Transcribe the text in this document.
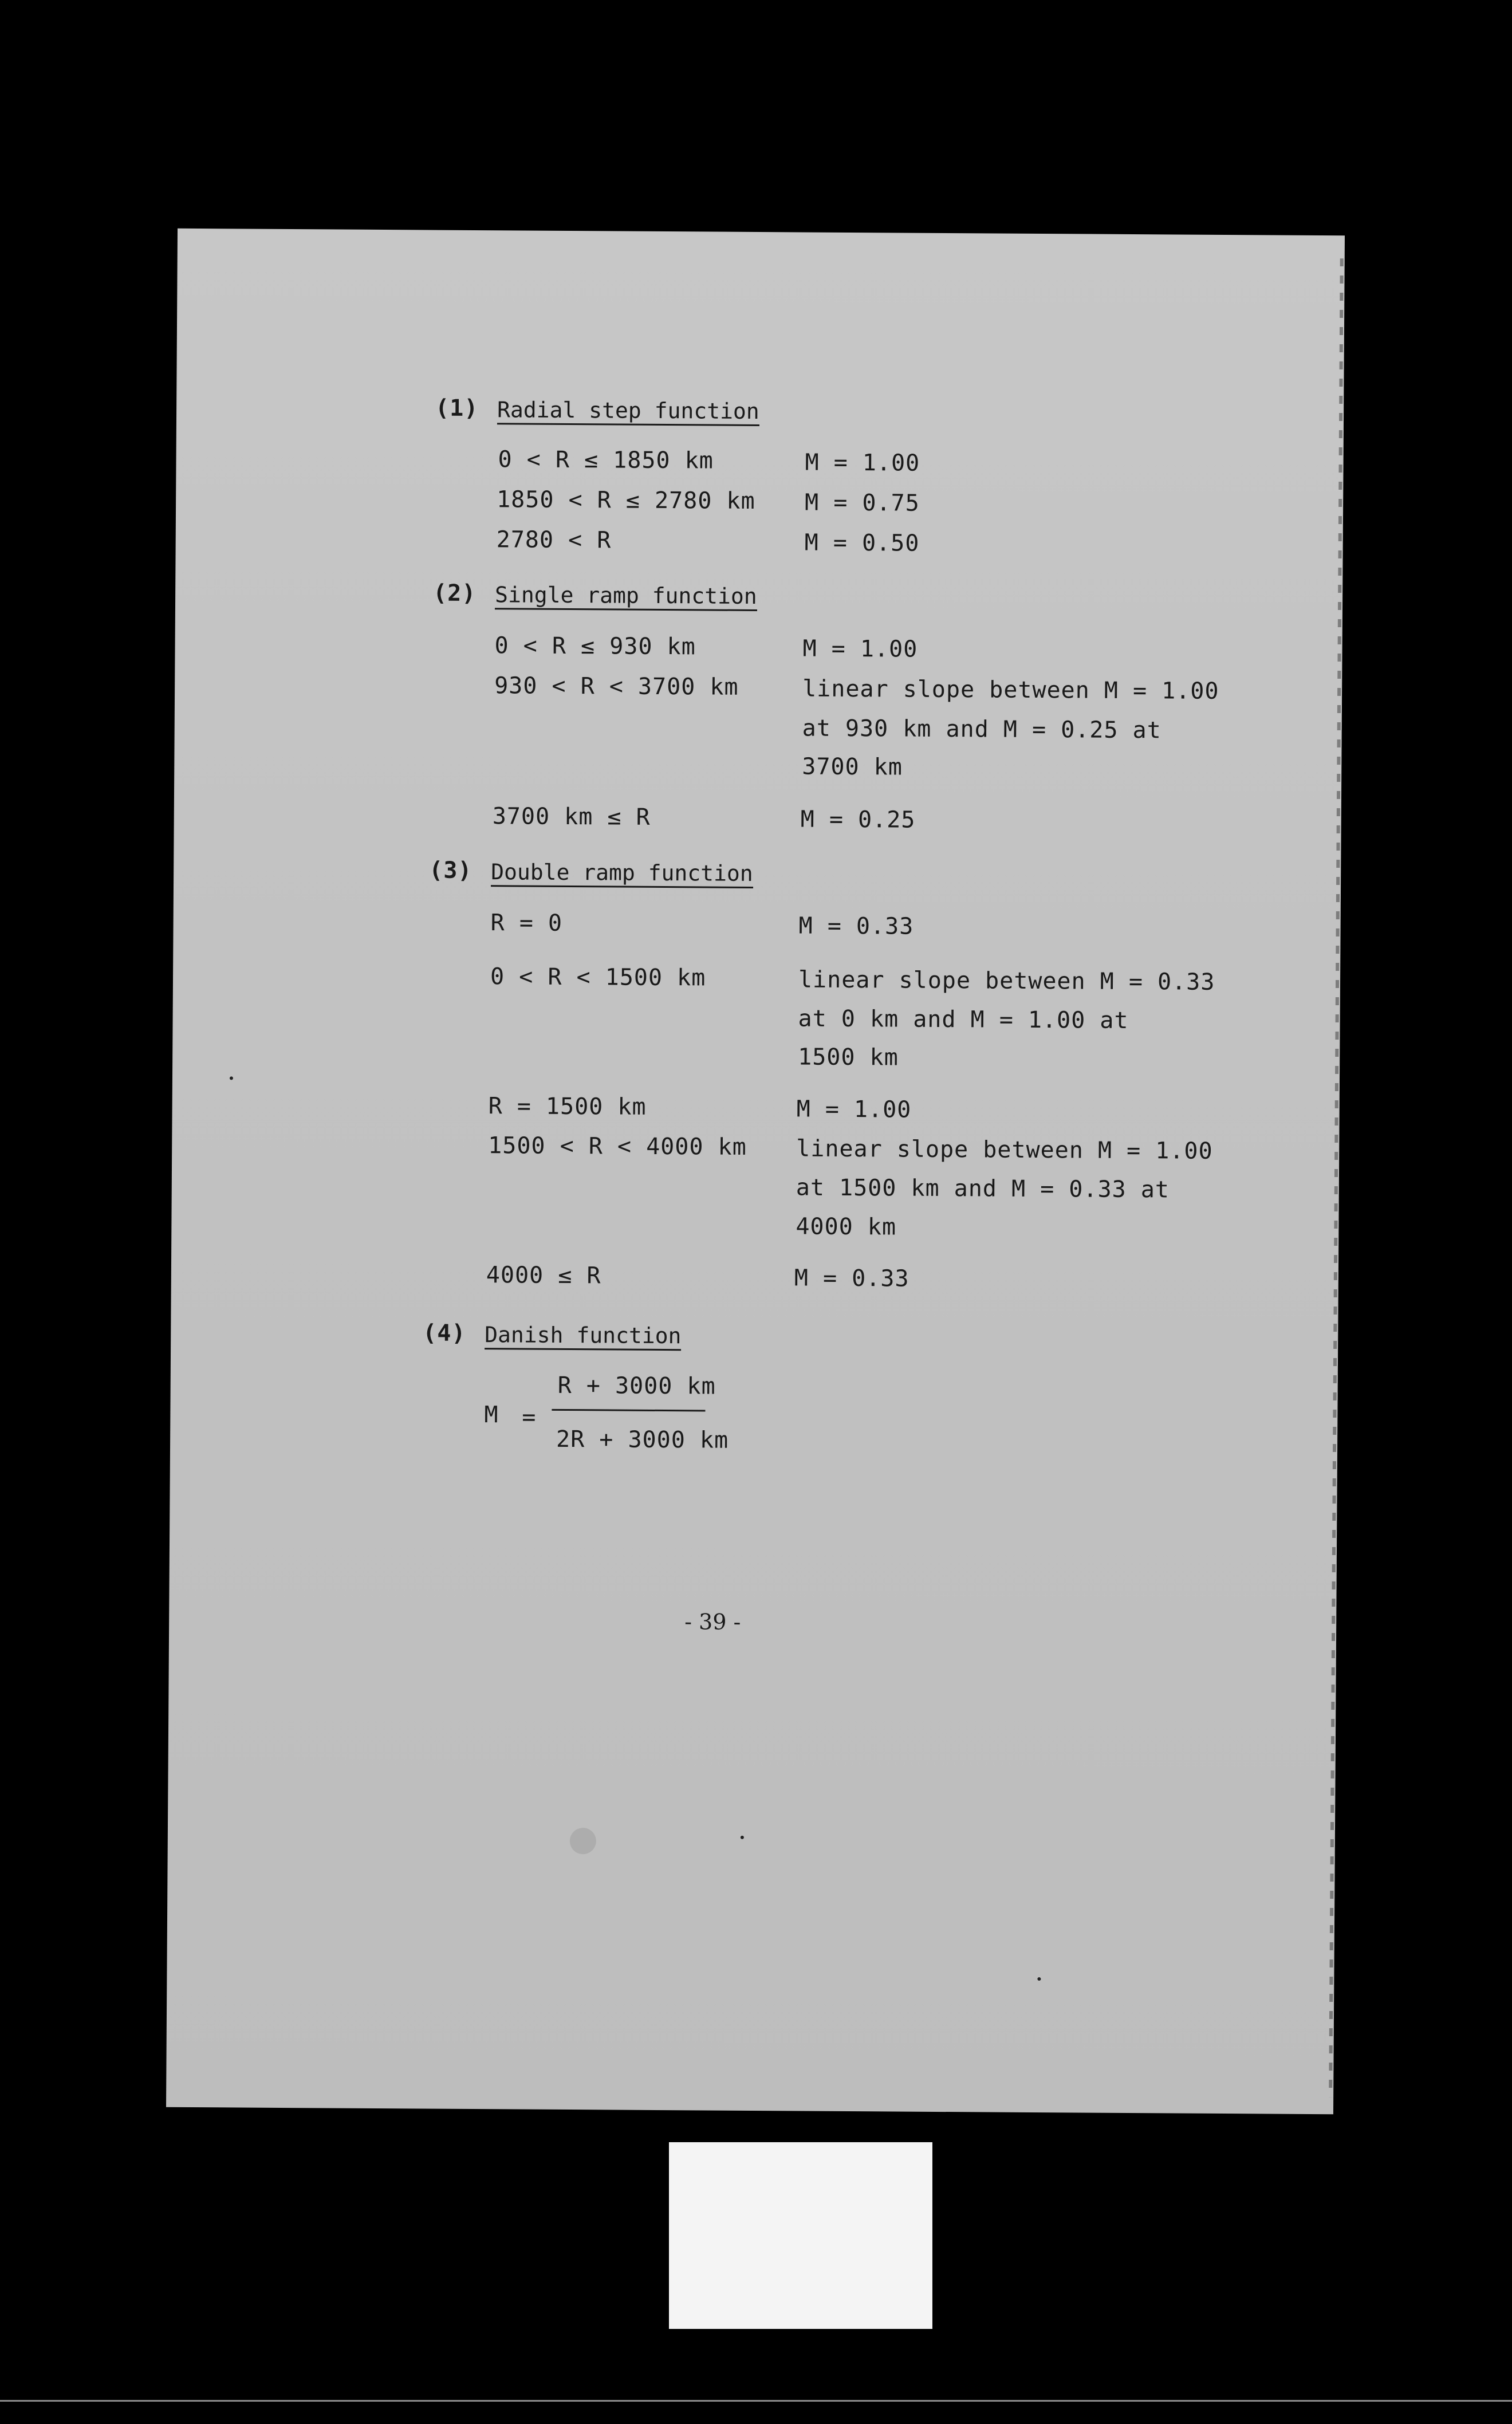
(1) Radial step function
0 < R ≤ 1850 km	M = 1.00
1850 < R ≤ 2780 km M = 0.75
2780 < R	M = 0.50
(2) Single ramp function
0 < R ≤ 930 km	M = 1.00
930 < R < 3700 km	linear slope between M = 1.00
at 930 km and M = 0.25 at
3700 km
3700 km ≤ R	M = 0.25
(3) Double ramp function
R = 0	M = 0.33
0 < R < 1500 km	linear slope between M = 0.33
at 0 km and M = 1.00 at
1500 km
R = 1500 km	M = 1.00
1500 < R < 4000 km linear slope between M = 1.00
at 1500 km and M = 0.33 at
4000 km
4000 ≤ R	M = 0.33
(4) Danish function
M =
R + 3000 km
2R + 3000 km
- 39 -
